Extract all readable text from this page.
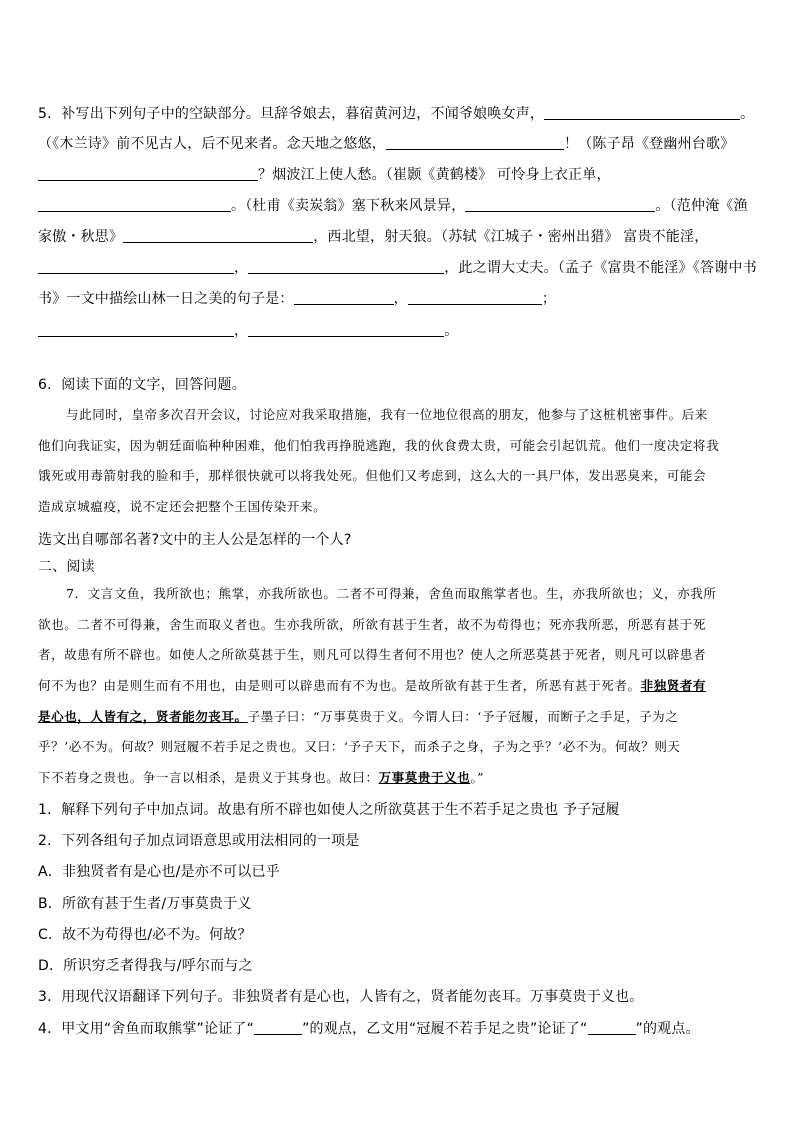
5．补写出下列句子中的空缺部分。旦辞爷娘去，暮宿黄河边，不闻爷娘唤女声，	。
（《木兰诗》前不见古人，后不见来者。念天地之悠悠，	！（陈子昂《登幽州台歌》
？烟波江上使人愁。（崔颢《黄鹤楼》 可怜身上衣正单，
。（杜甫《卖炭翁》塞下秋来风景异，	。（范仲淹《渔
家傲・秋思》	，西北望，射天狼。（苏轼《江城子・密州出猎》 富贵不能淫，
，	，此之谓大丈夫。（孟子《富贵不能淫》《答谢中书
书》一文中描绘山林一日之美的句子是：	，	；
，	。
6．阅读下面的文字，回答问题。
与此同时，皇帝多次召开会议，讨论应对我采取措施，我有一位地位很高的朋友，他参与了这桩机密事件。后来
他们向我证实，因为朝廷面临种种困难，他们怕我再挣脱逃跑，我的伙食费太贵，可能会引起饥荒。他们一度决定将我
饿死或用毒箭射我的脸和手，那样很快就可以将我处死。但他们又考虑到，这么大的一具尸体，发出恶臭来，可能会
造成京城瘟疫，说不定还会把整个王国传染开来。
选文出自哪部名著?文中的主人公是怎样的一个人?
二、阅读
7．文言文鱼，我所欲也；熊掌，亦我所欲也。二者不可得兼，舍鱼而取熊掌者也。生，亦我所欲也；义，亦我所
欲也。二者不可得兼，舍生而取义者也。生亦我所欲，所欲有甚于生者，故不为苟得也；死亦我所恶，所恶有甚于死
者，故患有所不辟也。如使人之所欲莫甚于生，则凡可以得生者何不用也？使人之所恶莫甚于死者，则凡可以辟患者
何不为也？由是则生而有不用也，由是则可以辟患而有不为也。是故所欲有甚于生者，所恶有甚于死者。非独贤者有
是心也，人皆有之，贤者能勿丧耳。子墨子曰：“万事莫贵于义。今谓人曰：‘予子冠履，而断子之手足，子为之
乎？’必不为。何故？则冠履不若手足之贵也。又曰：‘予子天下，而杀子之身，子为之乎？’必不为。何故？则天
下不若身之贵也。争一言以相杀，是贵义于其身也。故曰：万事莫贵于义也。”
1．解释下列句子中加点词。故患有所不辟也如使人之所欲莫甚于生不若手足之贵也 予子冠履
2．下列各组句子加点词语意思或用法相同的一项是
A．非独贤者有是心也/是亦不可以已乎
B．所欲有甚于生者/万事莫贵于义
C．故不为苟得也/必不为。何故？
D．所识穷乏者得我与/呼尔而与之
3．用现代汉语翻译下列句子。非独贤者有是心也，人皆有之，贤者能勿丧耳。万事莫贵于义也。
4．甲文用“舍鱼而取熊掌”论证了“	”的观点，乙文用“冠履不若手足之贵”论证了“	”的观点。
